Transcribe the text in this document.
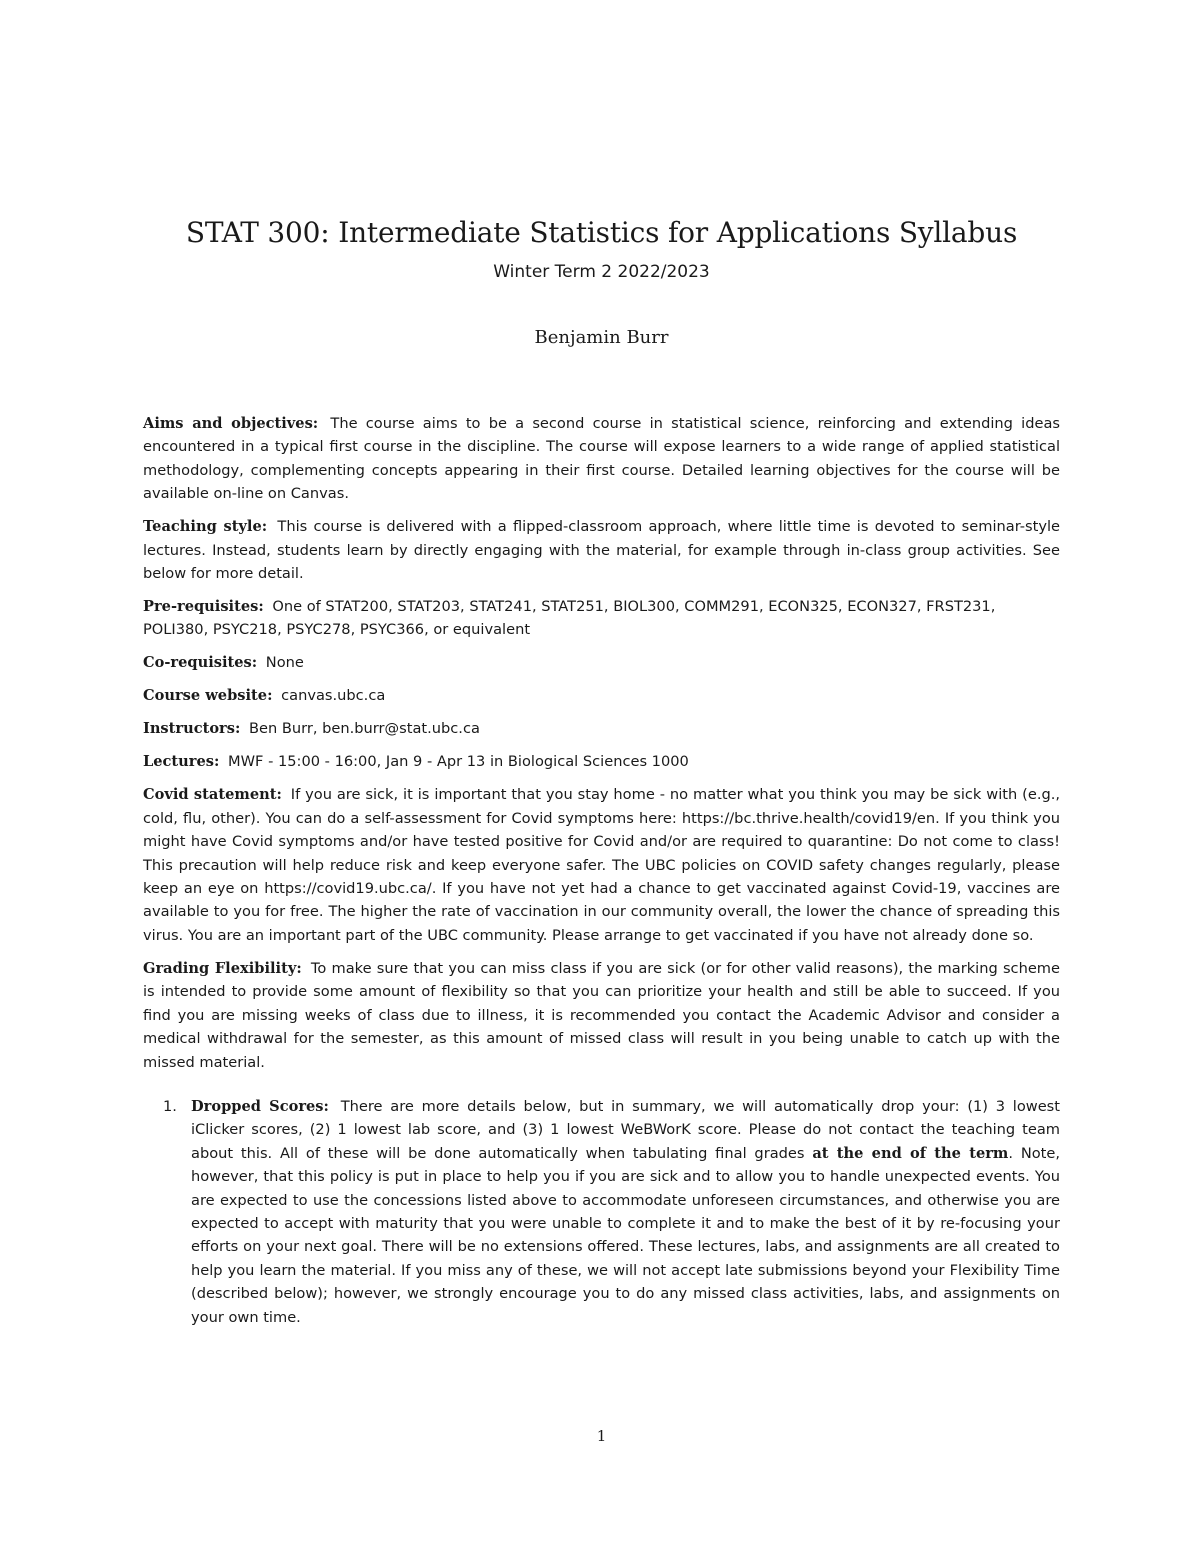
STAT 300: Intermediate Statistics for Applications Syllabus
Winter Term 2 2022/2023
Benjamin Burr

Aims and objectives: The course aims to be a second course in statistical science, reinforcing and extending ideas encountered in a typical first course in the discipline. The course will expose learners to a wide range of applied statistical methodology, complementing concepts appearing in their first course. Detailed learning objectives for the course will be available on-line on Canvas.

Teaching style: This course is delivered with a flipped-classroom approach, where little time is devoted to seminar-style lectures. Instead, students learn by directly engaging with the material, for example through in-class group activities. See below for more detail.

Pre-requisites: One of STAT200, STAT203, STAT241, STAT251, BIOL300, COMM291, ECON325, ECON327, FRST231, POLI380, PSYC218, PSYC278, PSYC366, or equivalent

Co-requisites: None

Course website: canvas.ubc.ca

Instructors: Ben Burr, ben.burr@stat.ubc.ca

Lectures: MWF - 15:00 - 16:00, Jan 9 - Apr 13 in Biological Sciences 1000

Covid statement: If you are sick, it is important that you stay home - no matter what you think you may be sick with (e.g., cold, flu, other). You can do a self-assessment for Covid symptoms here: https://bc.thrive.health/covid19/en. If you think you might have Covid symptoms and/or have tested positive for Covid and/or are required to quarantine: Do not come to class! This precaution will help reduce risk and keep everyone safer. The UBC policies on COVID safety changes regularly, please keep an eye on https://covid19.ubc.ca/. If you have not yet had a chance to get vaccinated against Covid-19, vaccines are available to you for free. The higher the rate of vaccination in our community overall, the lower the chance of spreading this virus. You are an important part of the UBC community. Please arrange to get vaccinated if you have not already done so.

Grading Flexibility: To make sure that you can miss class if you are sick (or for other valid reasons), the marking scheme is intended to provide some amount of flexibility so that you can prioritize your health and still be able to succeed. If you find you are missing weeks of class due to illness, it is recommended you contact the Academic Advisor and consider a medical withdrawal for the semester, as this amount of missed class will result in you being unable to catch up with the missed material.

1. Dropped Scores: There are more details below, but in summary, we will automatically drop your: (1) 3 lowest iClicker scores, (2) 1 lowest lab score, and (3) 1 lowest WeBWorK score. Please do not contact the teaching team about this. All of these will be done automatically when tabulating final grades at the end of the term. Note, however, that this policy is put in place to help you if you are sick and to allow you to handle unexpected events. You are expected to use the concessions listed above to accommodate unforeseen circumstances, and otherwise you are expected to accept with maturity that you were unable to complete it and to make the best of it by re-focusing your efforts on your next goal. There will be no extensions offered. These lectures, labs, and assignments are all created to help you learn the material. If you miss any of these, we will not accept late submissions beyond your Flexibility Time (described below); however, we strongly encourage you to do any missed class activities, labs, and assignments on your own time.
1
